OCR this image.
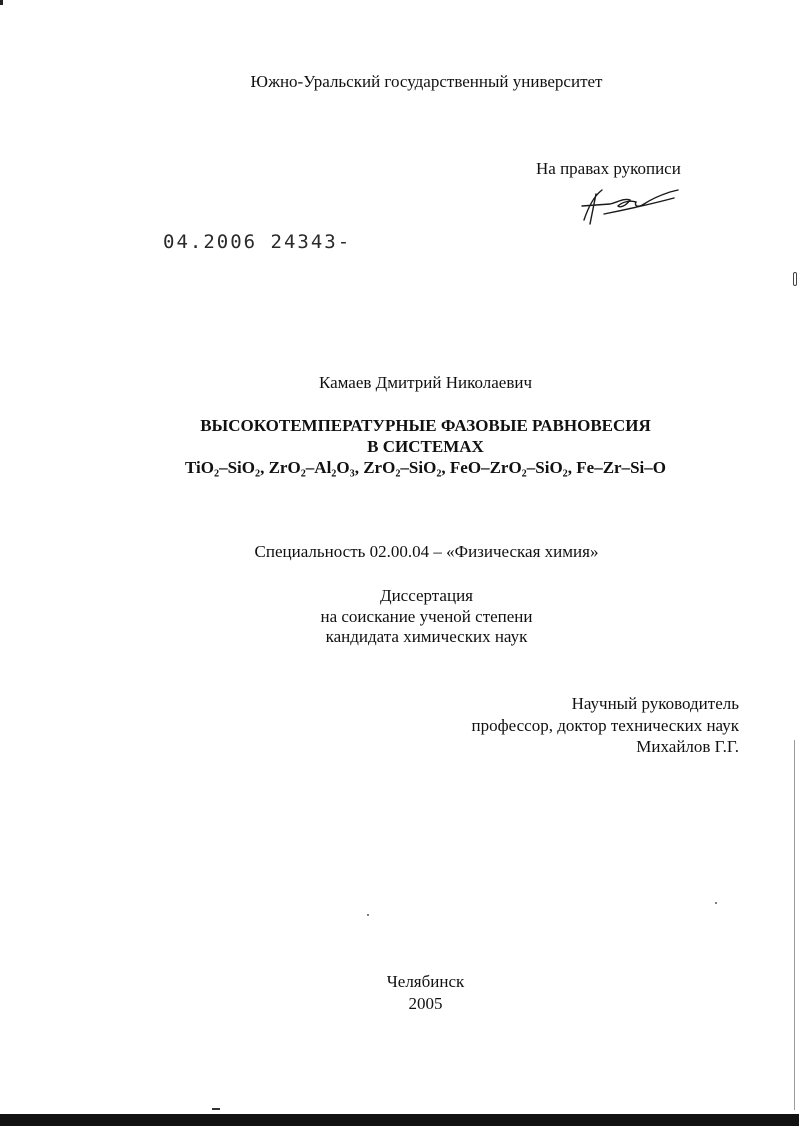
Южно-Уральский государственный университет
На правах рукописи
04.2006 24343-
Камаев Дмитрий Николаевич
ВЫСОКОТЕМПЕРАТУРНЫЕ ФАЗОВЫЕ РАВНОВЕСИЯ
В СИСТЕМАХ
TiO₂–SiO₂, ZrO₂–Al₂O₃, ZrO₂–SiO₂, FeO–ZrO₂–SiO₂, Fe–Zr–Si–O
Специальность 02.00.04 – «Физическая химия»
Диссертация
на соискание ученой степени
кандидата химических наук
Научный руководитель
профессор, доктор технических наук
Михайлов Г.Г.
Челябинск
2005
